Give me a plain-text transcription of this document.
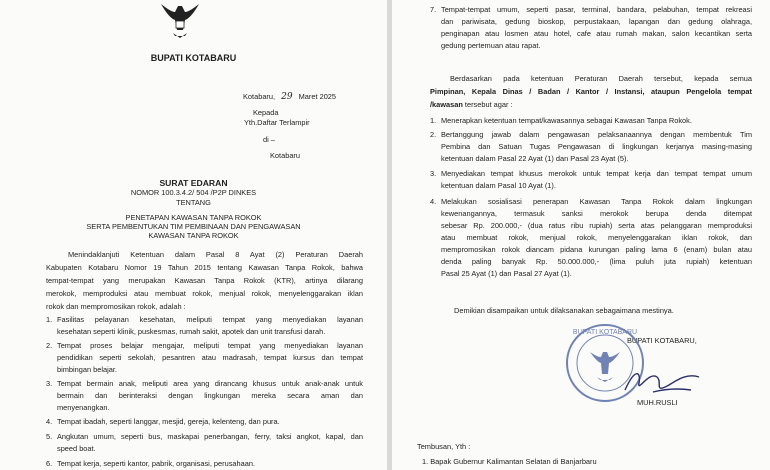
BUPATI KOTABARU
Kotabaru, 29 Maret 2025
Kepada
Yth.Daftar Terlampir
di –
Kotabaru
SURAT EDARAN
NOMOR 100.3.4.2/ 504 /P2P DINKES
TENTANG
PENETAPAN KAWASAN TANPA ROKOK
SERTA PEMBENTUKAN TIM PEMBINAAN DAN PENGAWASAN
KAWASAN TANPA ROKOK
Menindaklanjuti Ketentuan dalam Pasal 8 Ayat (2) Peraturan Daerah
Kabupaten Kotabaru Nomor 19 Tahun 2015 tentang Kawasan Tanpa Rokok, bahwa
tempat-tempat yang merupakan Kawasan Tanpa Rokok (KTR), artinya dilarang
merokok, memproduksi atau membuat rokok, menjual rokok, menyelenggarakan iklan
rokok dan mempromosikan rokok, adalah :
1. Fasilitas pelayanan kesehatan, meliputi tempat yang menyediakan layanan
kesehatan seperti klinik, puskesmas, rumah sakit, apotek dan unit transfusi darah.
2. Tempat proses belajar mengajar, meliputi tempat yang menyediakan layanan
pendidikan seperti sekolah, pesantren atau madrasah, tempat kursus dan tempat
bimbingan belajar.
3. Tempat bermain anak, meliputi area yang dirancang khusus untuk anak-anak untuk
bermain dan berinteraksi dengan lingkungan mereka secara aman dan
menyenangkan.
4. Tempat ibadah, seperti langgar, mesjid, gereja, kelenteng, dan pura.
5. Angkutan umum, seperti bus, maskapai penerbangan, ferry, taksi angkot, kapal, dan
speed boat.
6. Tempat kerja, seperti kantor, pabrik, organisasi, perusahaan.
7. Tempat-tempat umum, seperti pasar, terminal, bandara, pelabuhan, tempat rekreasi
dan pariwisata, gedung bioskop, perpustakaan, lapangan dan gedung olahraga,
penginapan atau losmen atau hotel, cafe atau rumah makan, salon kecantikan serta
gedung pertemuan atau rapat.
Berdasarkan pada ketentuan Peraturan Daerah tersebut, kepada semua
Pimpinan, Kepala Dinas / Badan / Kantor / Instansi, ataupun Pengelola tempat
/kawasan tersebut agar :
1. Menerapkan ketentuan tempat/kawasannya sebagai Kawasan Tanpa Rokok.
2. Bertanggung jawab dalam pengawasan pelaksanaannya dengan membentuk Tim
Pembina dan Satuan Tugas Pengawasan di lingkungan kerjanya masing-masing
ketentuan dalam Pasal 22 Ayat (1) dan Pasal 23 Ayat (5).
3. Menyediakan tempat khusus merokok untuk tempat kerja dan tempat tempat umum
ketentuan dalam Pasal 10 Ayat (1).
4. Melakukan sosialisasi penerapan Kawasan Tanpa Rokok dalam lingkungan
kewenangannya, termasuk sanksi merokok berupa denda ditempat
sebesar Rp. 200.000,- (dua ratus ribu rupiah) serta atas pelanggaran memproduksi
atau membuat rokok, menjual rokok, menyelenggarakan iklan rokok, dan
mempromosikan rokok diancam pidana kurungan paling lama 6 (enam) bulan atau
denda paling banyak Rp. 50.000.000,- (lima puluh juta rupiah) ketentuan
Pasal 25 Ayat (1) dan Pasal 27 Ayat (1).
Demikian disampaikan untuk dilaksanakan sebagaimana mestinya.
BUPATI KOTABARU,
BUPATI KOTABARU
MUH.RUSLI
Tembusan, Yth :
1. Bapak Gubernur Kalimantan Selatan di Banjarbaru
